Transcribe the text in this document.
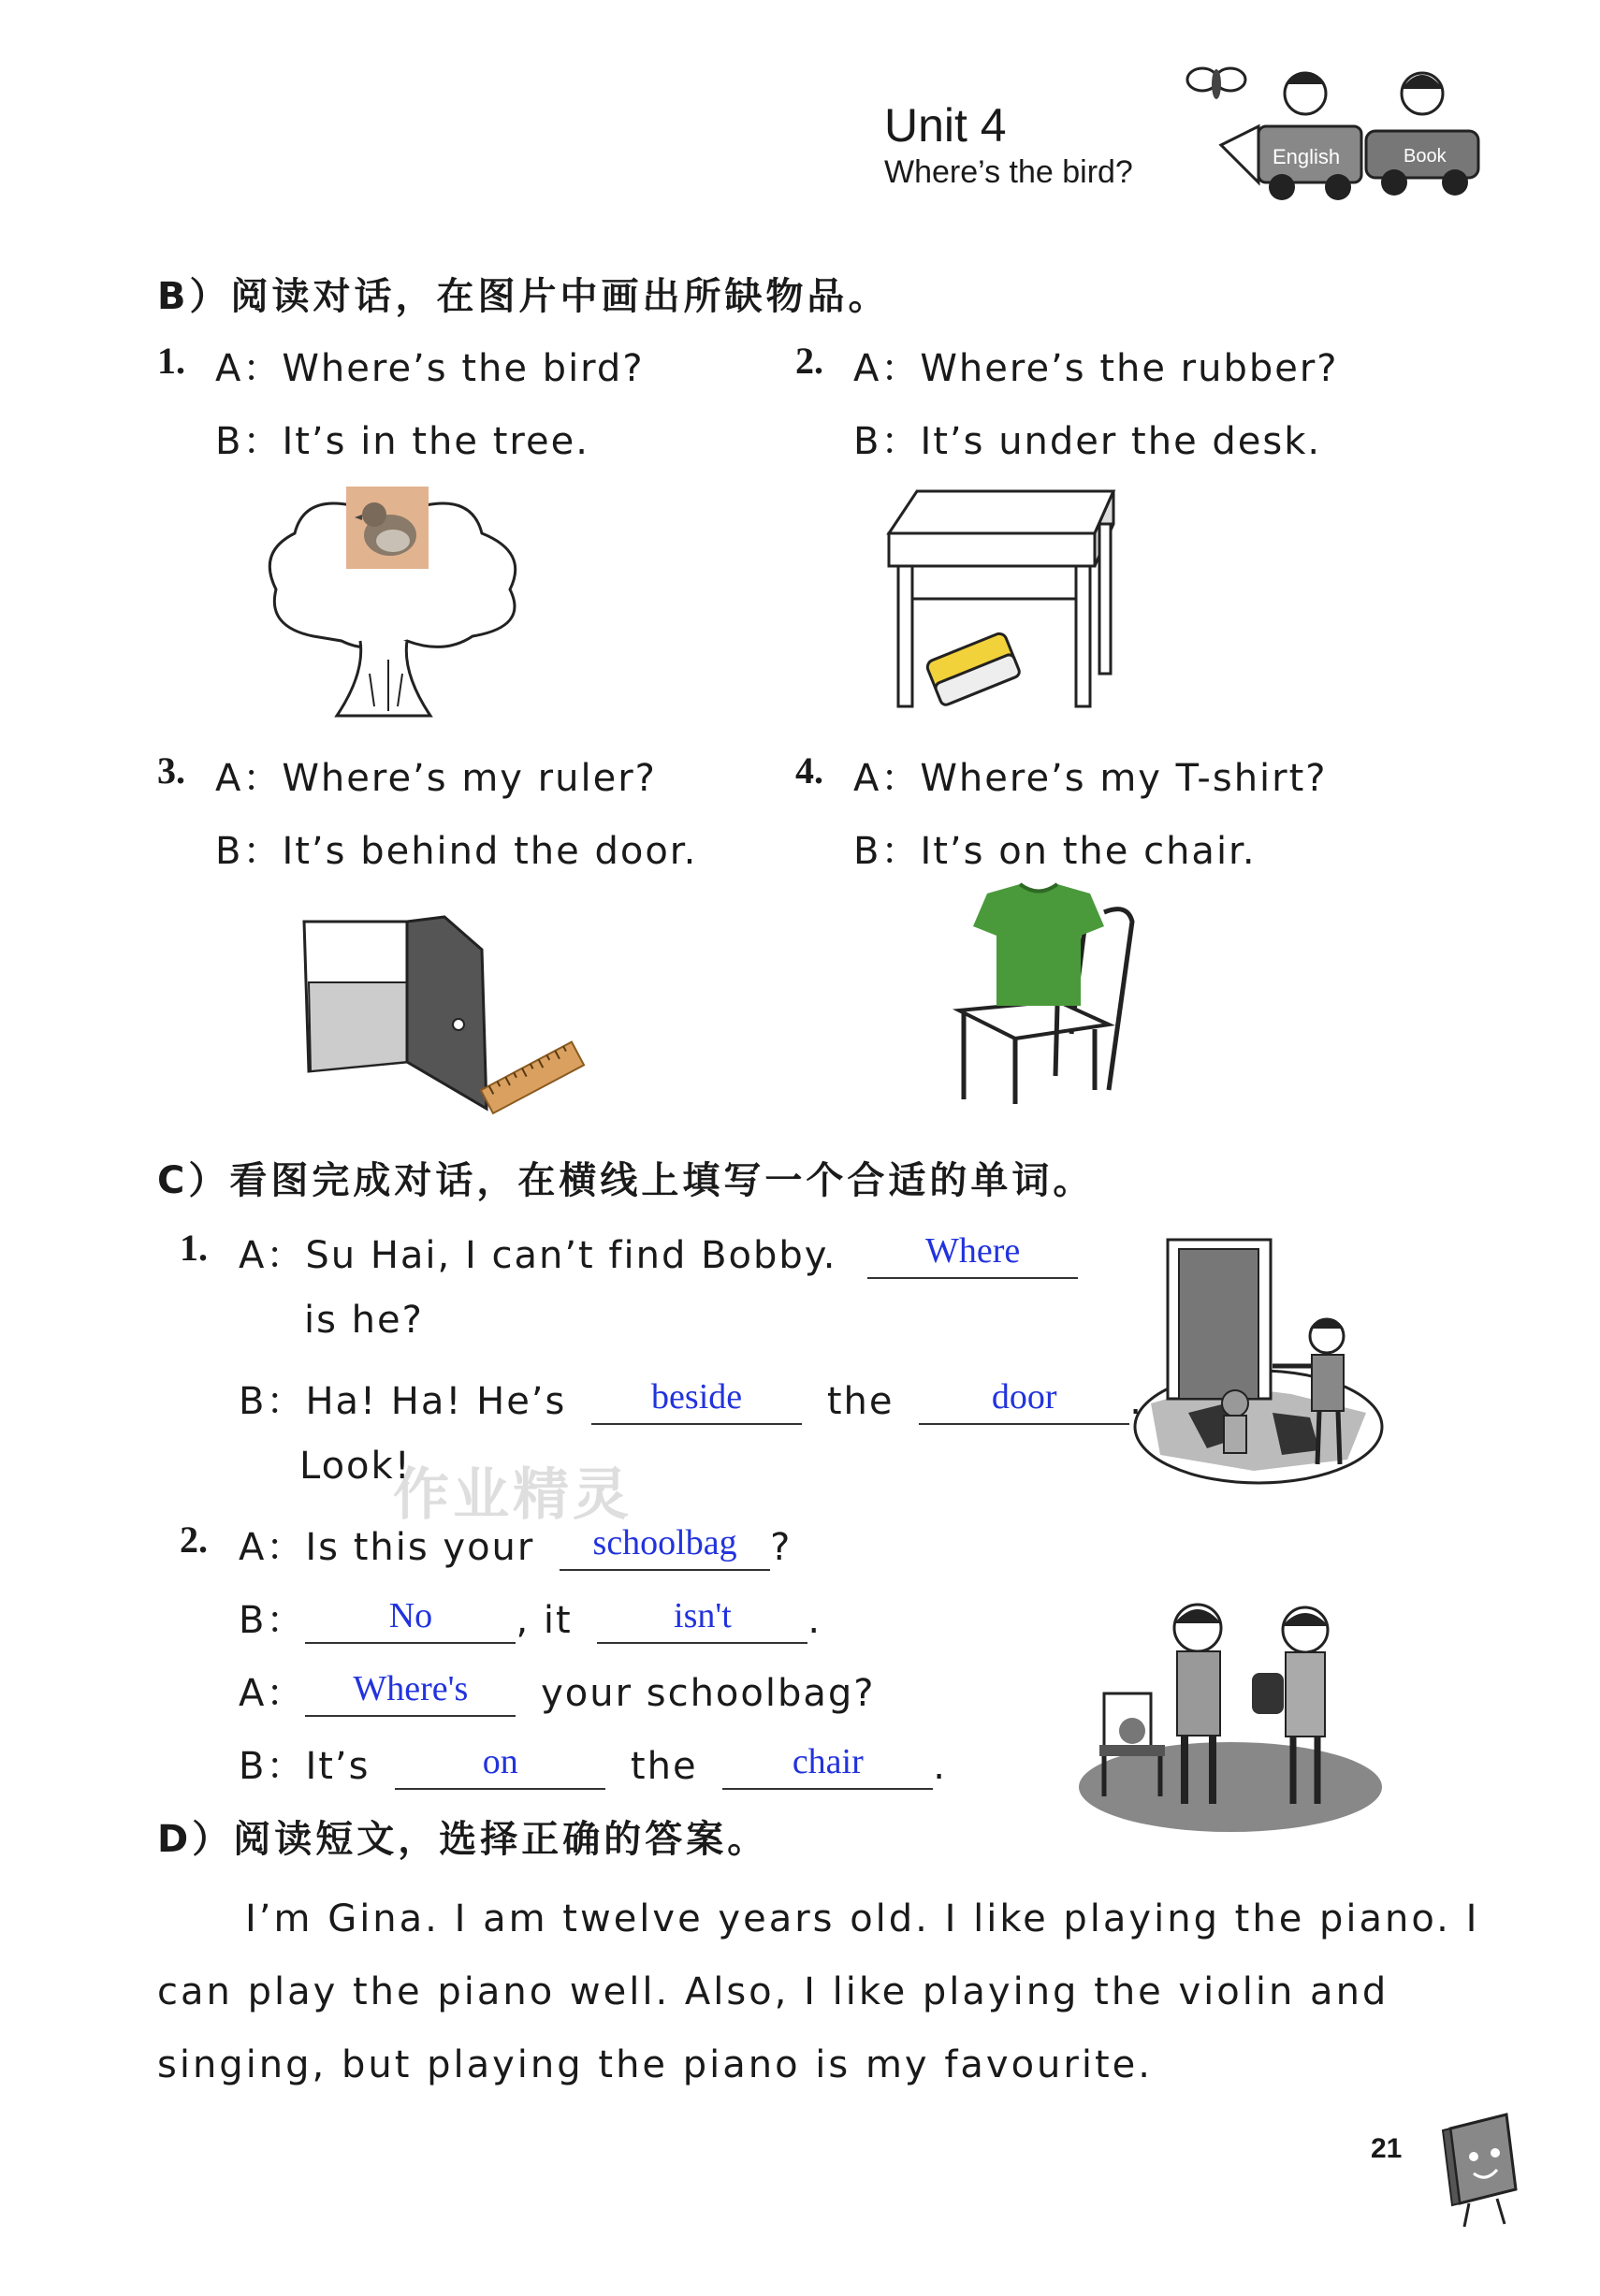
Unit 4
Where’s the bird?	English	Book
B）阅读对话，在图片中画出所缺物品。
1. A：Where’s the bird?
B：It’s in the tree.
2. A：Where’s the rubber?
B：It’s under the desk.
3. A：Where’s my ruler?
B：It’s behind the door.
4. A：Where’s my T-shirt?
B：It’s on the chair.
C）看图完成对话，在横线上填写一个合适的单词。
1. A：Su Hai, I can’t find Bobby.	Where
is he?
B：Ha! Ha! He’s	beside	the	door	.
Look!
2. A：Is this your	schoolbag ?
B：	No	, it	isn't	.
A：	Where's	your schoolbag?
B：It’s	on	the	chair	.
D）阅读短文，选择正确的答案。
I’m Gina. I am twelve years old. I like playing the piano. I
can play the piano well. Also, I like playing the violin and
singing, but playing the piano is my favourite.
作业精灵
21
